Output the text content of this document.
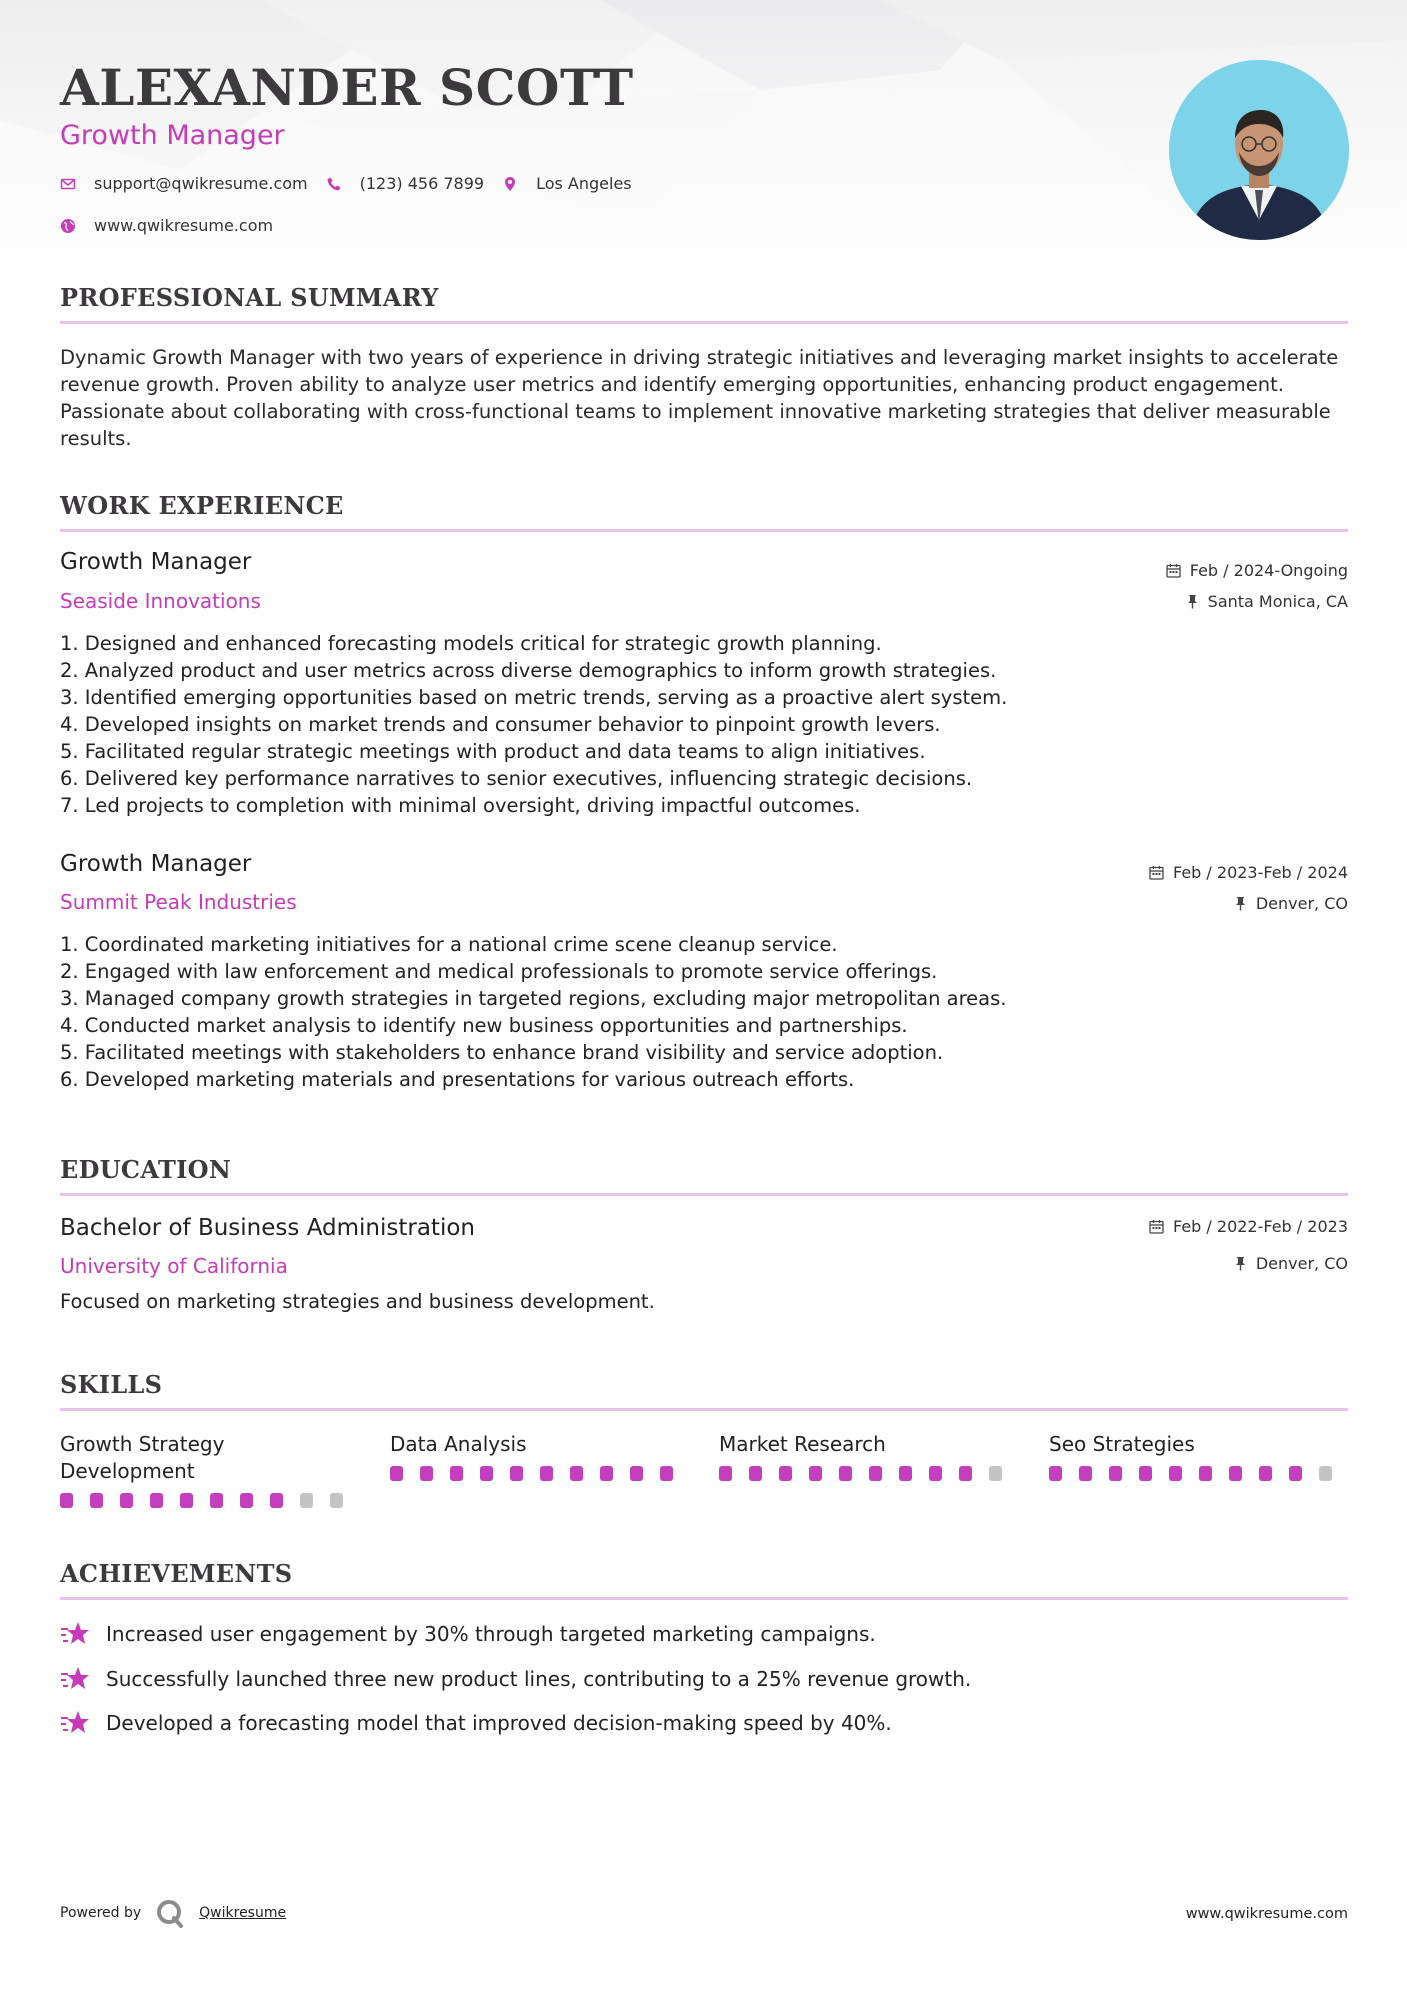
ALEXANDER SCOTT
Growth Manager
support@qwikresume.com	(123) 456 7899	Los Angeles
www.qwikresume.com
PROFESSIONAL SUMMARY

Dynamic Growth Manager with two years of experience in driving strategic initiatives and leveraging market insights to accelerate revenue growth. Proven ability to analyze user metrics and identify emerging opportunities, enhancing product engagement. Passionate about collaborating with cross-functional teams to implement innovative marketing strategies that deliver measurable results.

WORK EXPERIENCE
Growth Manager
Seaside Innovations
Feb / 2024-Ongoing
Santa Monica, CA
1. Designed and enhanced forecasting models critical for strategic growth planning.
2. Analyzed product and user metrics across diverse demographics to inform growth strategies.
3. Identified emerging opportunities based on metric trends, serving as a proactive alert system.
4. Developed insights on market trends and consumer behavior to pinpoint growth levers.
5. Facilitated regular strategic meetings with product and data teams to align initiatives.
6. Delivered key performance narratives to senior executives, influencing strategic decisions.
7. Led projects to completion with minimal oversight, driving impactful outcomes.
Growth Manager
Summit Peak Industries
Feb / 2023-Feb / 2024
Denver, CO
1. Coordinated marketing initiatives for a national crime scene cleanup service.
2. Engaged with law enforcement and medical professionals to promote service offerings.
3. Managed company growth strategies in targeted regions, excluding major metropolitan areas.
4. Conducted market analysis to identify new business opportunities and partnerships.
5. Facilitated meetings with stakeholders to enhance brand visibility and service adoption.
6. Developed marketing materials and presentations for various outreach efforts.
EDUCATION
Bachelor of Business Administration
University of California
Feb / 2022-Feb / 2023
Denver, CO
Focused on marketing strategies and business development.
SKILLS
Growth Strategy Development
Data Analysis	Market Research	Seo Strategies
ACHIEVEMENTS
Increased user engagement by 30% through targeted marketing campaigns.
Successfully launched three new product lines, contributing to a 25% revenue growth.
Developed a forecasting model that improved decision-making speed by 40%.
Powered by	Qwikresume	www.qwikresume.com
